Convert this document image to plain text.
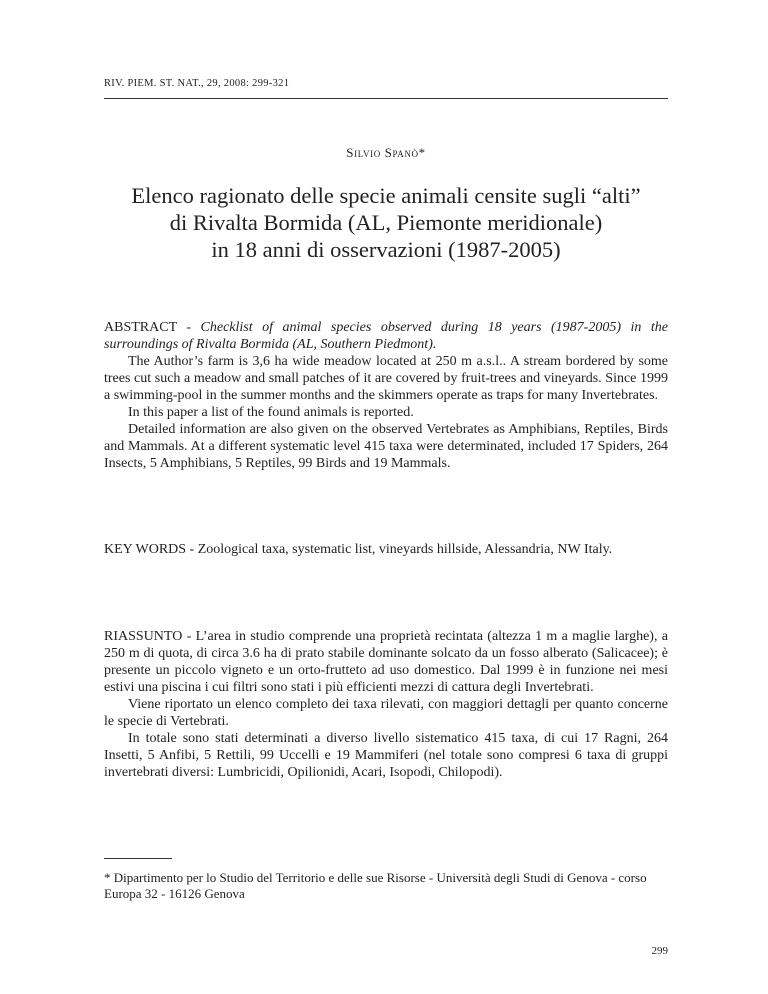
RIV. PIEM. ST. NAT., 29, 2008: 299-321
Silvio Spanò*
Elenco ragionato delle specie animali censite sugli “alti”
di Rivalta Bormida (AL, Piemonte meridionale)
in 18 anni di osservazioni (1987-2005)

ABSTRACT - Checklist of animal species observed during 18 years (1987-2005) in the surroundings of Rivalta Bormida (AL, Southern Piedmont).

The Author’s farm is 3,6 ha wide meadow located at 250 m a.s.l.. A stream bordered by some trees cut such a meadow and small patches of it are covered by fruit-trees and vineyards. Since 1999 a swimming-pool in the summer months and the skimmers operate as traps for many Invertebrates.

In this paper a list of the found animals is reported.

Detailed information are also given on the observed Vertebrates as Amphibians, Reptiles, Birds and Mammals. At a different systematic level 415 taxa were determinated, included 17 Spiders, 264 Insects, 5 Amphibians, 5 Reptiles, 99 Birds and 19 Mammals.

KEY WORDS - Zoological taxa, systematic list, vineyards hillside, Alessandria, NW Italy.

RIASSUNTO - L’area in studio comprende una proprietà recintata (altezza 1 m a maglie larghe), a 250 m di quota, di circa 3.6 ha di prato stabile dominante solcato da un fosso alberato (Salicacee); è presente un piccolo vigneto e un orto-frutteto ad uso domestico. Dal 1999 è in funzione nei mesi estivi una piscina i cui filtri sono stati i più efficienti mezzi di cattura degli Invertebrati.

Viene riportato un elenco completo dei taxa rilevati, con maggiori dettagli per quanto concerne le specie di Vertebrati.

In totale sono stati determinati a diverso livello sistematico 415 taxa, di cui 17 Ragni, 264 Insetti, 5 Anfibi, 5 Rettili, 99 Uccelli e 19 Mammiferi (nel totale sono compresi 6 taxa di gruppi invertebrati diversi: Lumbricidi, Opilionidi, Acari, Isopodi, Chilopodi).

* Dipartimento per lo Studio del Territorio e delle sue Risorse - Università degli Studi di Genova - corso Europa 32 - 16126 Genova
299
